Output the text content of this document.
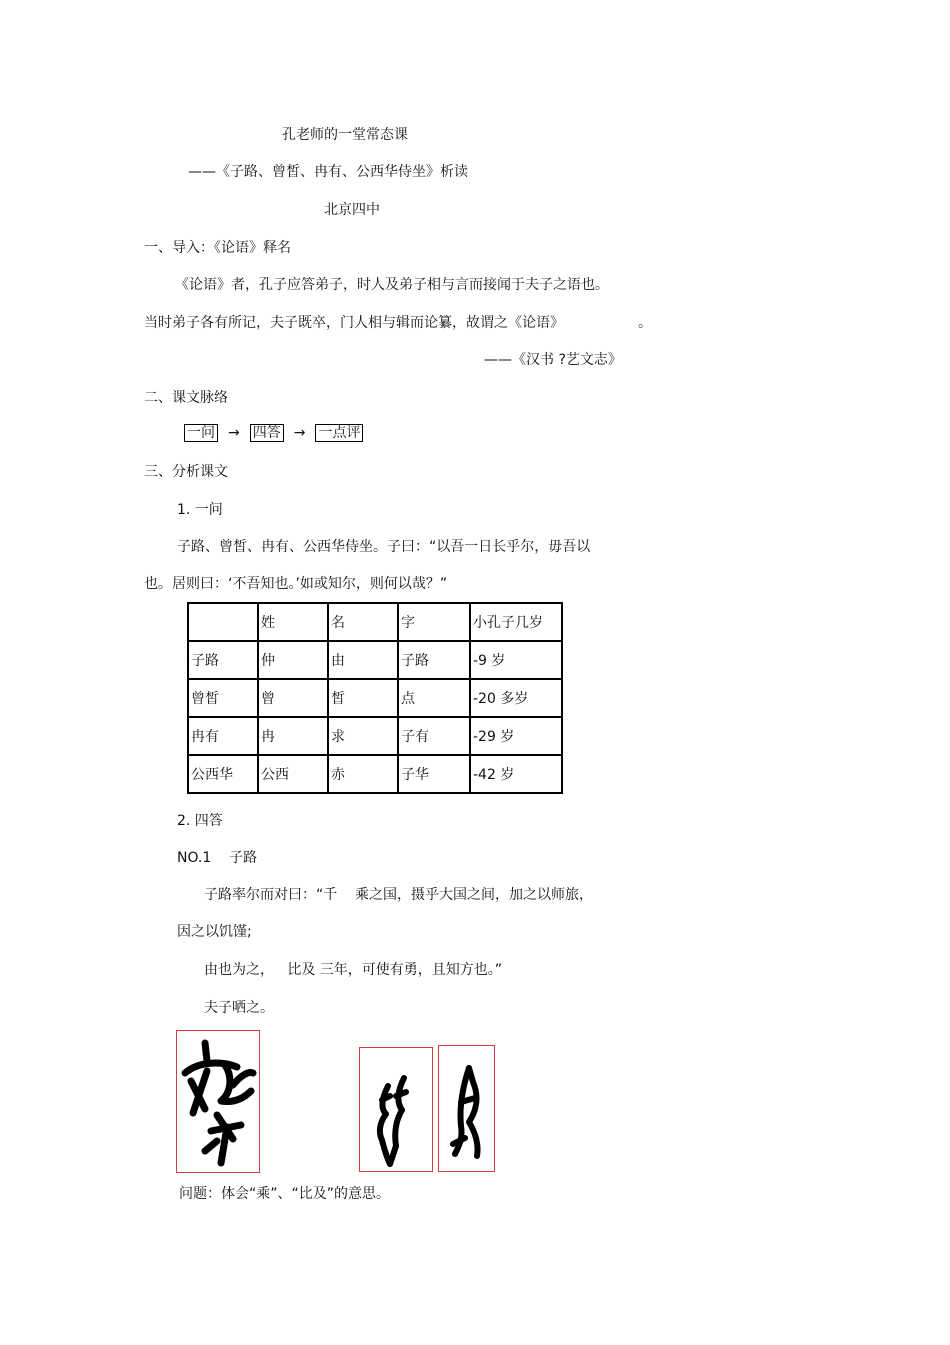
孔老师的一堂常态课
——《子路、曾皙、冉有、公西华侍坐》析读
北京四中
一、导入：《论语》释名
《论语》者，孔子应答弟子，时人及弟子相与言而接闻于夫子之语也。
当时弟子各有所记，夫子既卒，门人相与辑而论纂，故谓之《论语》	。
——《汉书 ?艺文志》
二、课文脉络
一问 → 四答 → 一点评
三、分析课文
1. 一问
子路、曾皙、冉有、公西华侍坐。子曰：“以吾一日长乎尔，毋吾以
也。居则曰：‘不吾知也。’如或知尔，则何以哉？”
	姓	名	字	小孔子几岁
子路	仲	由	子路	-9 岁
曾皙	曾	皙	点	-20 多岁
冉有	冉	求	子有	-29 岁
公西华	公西	赤	子华	-42 岁
2. 四答
NO.1    子路
子路率尔而对曰：“千    乘之国，摄乎大国之间，加之以师旅，
因之以饥馑;
由也为之，   比及 三年，可使有勇，且知方也。”
夫子哂之。
问题：体会“乘”、“比及”的意思。
